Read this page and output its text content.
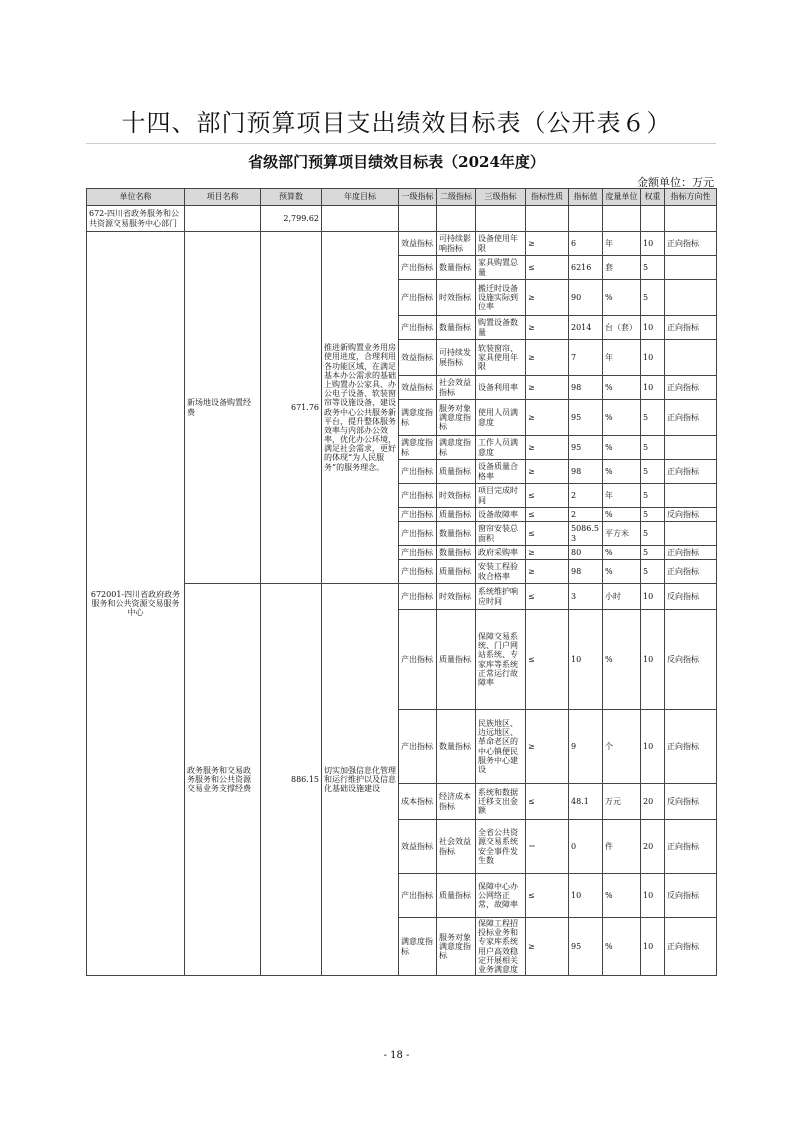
十四、部门预算项目支出绩效目标表（公开表６）
省级部门预算项目绩效目标表（2024年度）
金额单位：万元
单位名称	项目名称	预算数	年度目标	一级指标	二级指标	三级指标	指标性质	指标值	度量单位	权重	指标方向性
672-四川省政务服务和公共资源交易服务中心部门		2,799.62									
672001-四川省政府政务服务和公共资源交易服务中心	新场地设备购置经费	671.76	推进新购置业务用房使用进度，合理利用各功能区域，在满足基本办公需求的基础上购置办公家具、办公电子设备、软装窗帘等设施设备，建设政务中心公共服务新平台，提升整体服务效率与内部办公效率，优化办公环境，满足社会需求，更好的体现“为人民服务”的服务理念。	效益指标	可持续影响指标	设备使用年限	≥	6	年	10	正向指标
				产出指标	数量指标	家具购置总量	≤	6216	套	5	
				产出指标	时效指标	搬迁时设备设施实际到位率	≥	90	%	5	
				产出指标	数量指标	购置设备数量	≥	2014	台（套）	10	正向指标
				效益指标	可持续发展指标	软装窗帘、家具使用年限	≥	7	年	10	
				效益指标	社会效益指标	设备利用率	≥	98	%	10	正向指标
				满意度指标	服务对象满意度指标	使用人员满意度	≥	95	%	5	正向指标
				满意度指标	满意度指标	工作人员满意度	≥	95	%	5	
				产出指标	质量指标	设备质量合格率	≥	98	%	5	正向指标
				产出指标	时效指标	项目完成时间	≤	2	年	5	
				产出指标	质量指标	设备故障率	≤	2	%	5	反向指标
				产出指标	数量指标	窗帘安装总面积	≤	5086.53	平方米	5	
				产出指标	数量指标	政府采购率	≥	80	%	5	正向指标
				产出指标	质量指标	安装工程验收合格率	≥	98	%	5	正向指标
	政务服务和交易政务服务和公共资源交易业务支撑经费	886.15	切实加强信息化管理和运行维护以及信息化基础设施建设	产出指标	时效指标	系统维护响应时间	≤	3	小时	10	反向指标
				产出指标	质量指标	保障交易系统、门户网站系统、专家库等系统正常运行故障率	≤	10	%	10	反向指标
				产出指标	数量指标	民族地区、边远地区、革命老区的中心镇便民服务中心建设	≥	9	个	10	正向指标
				成本指标	经济成本指标	系统和数据迁移支出金额	≤	48.1	万元	20	反向指标
				效益指标	社会效益指标	全省公共资源交易系统安全事件发生数	＝	0	件	20	正向指标
				产出指标	质量指标	保障中心办公网络正常，故障率	≤	10	%	10	反向指标
				满意度指标	服务对象满意度指标	保障工程招投标业务和专家库系统用户高效稳定开展相关业务满意度	≥	95	%	10	正向指标
- 18 -
